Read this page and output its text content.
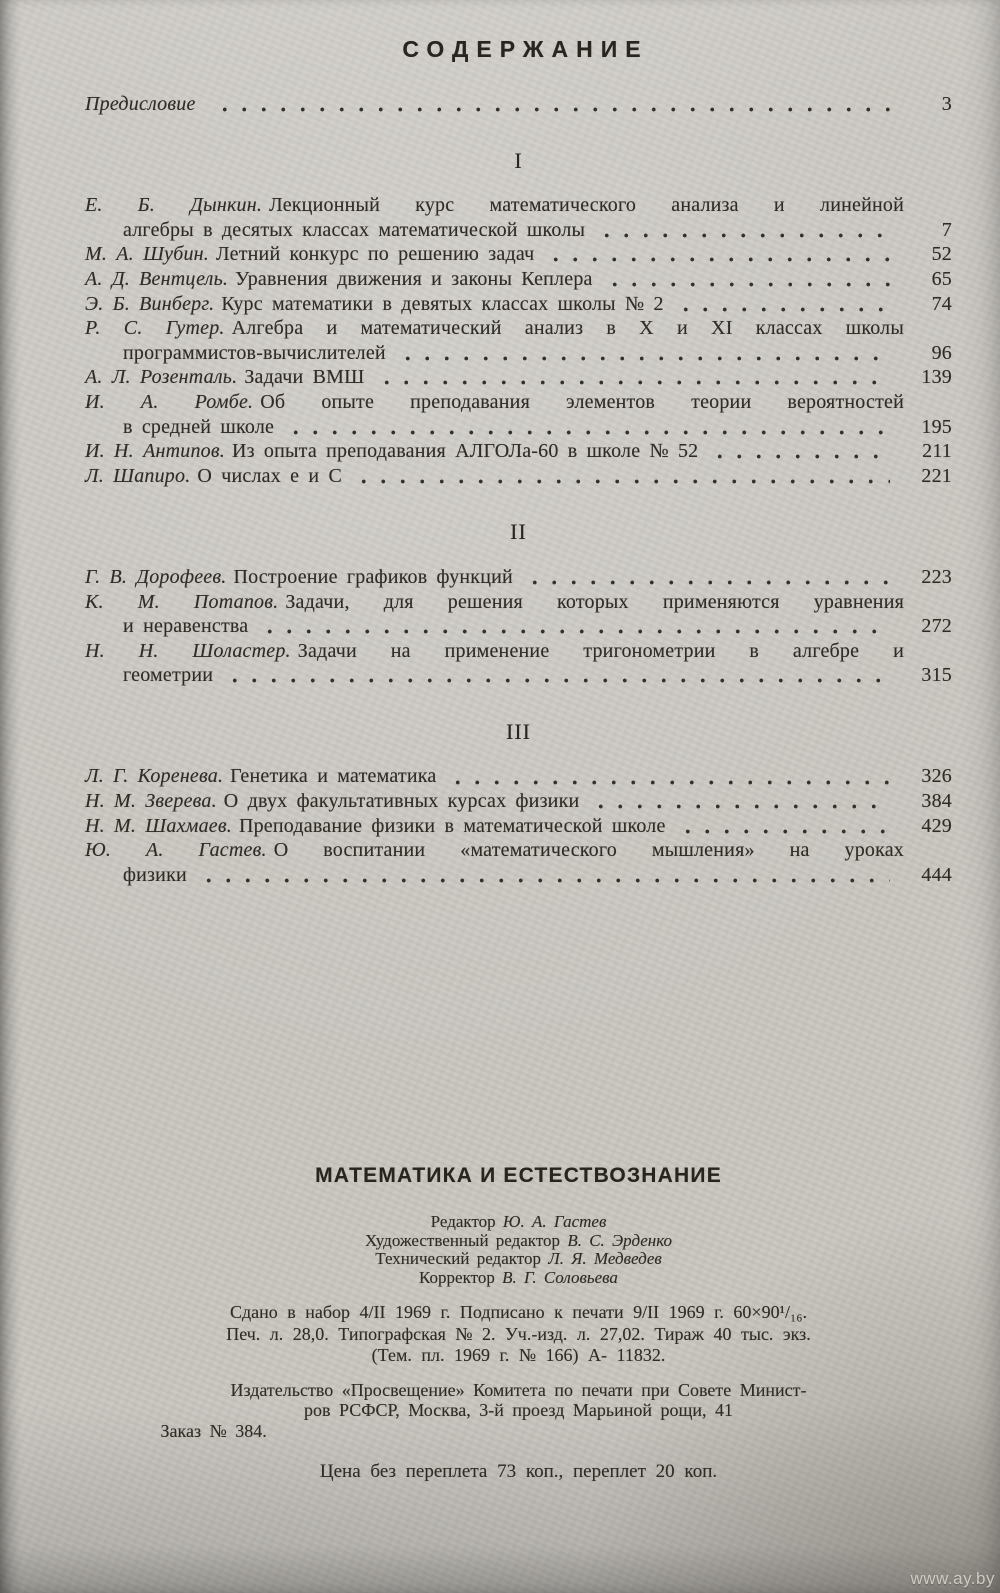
СОДЕРЖАНИЕ
Предисловие	3
I
Е. Б. Дынкин. Лекционный курс математического анализа и линейной
алгебры в десятых классах математической школы	7
М. А. Шубин. Летний конкурс по решению задач	52
А. Д. Вентцель. Уравнения движения и законы Кеплера	65
Э. Б. Винберг. Курс математики в девятых классах школы № 2	74
Р. С. Гутер. Алгебра и математический анализ в X и XI классах школы
программистов-вычислителей	96
А. Л. Розенталь. Задачи ВМШ	139
И. А. Ромбе. Об опыте преподавания элементов теории вероятностей
в средней школе	195
И. Н. Антипов. Из опыта преподавания АЛГОЛа-60 в школе № 52	211
Л. Шапиро. О числах е и С	221
II
Г. В. Дорофеев. Построение графиков функций	223
К. М. Потапов. Задачи, для решения которых применяются уравнения
и неравенства	272
Н. Н. Шоластер. Задачи на применение тригонометрии в алгебре и
геометрии	315
III
Л. Г. Коренева. Генетика и математика	326
Н. М. Зверева. О двух факультативных курсах физики	384
Н. М. Шахмаев. Преподавание физики в математической школе	429
Ю. А. Гастев. О воспитании «математического мышления» на уроках
физики	444
МАТЕМАТИКА И ЕСТЕСТВОЗНАНИЕ
Редактор Ю. А. Гастев
Художественный редактор В. С. Эрденко
Технический редактор Л. Я. Медведев
Корректор В. Г. Соловьева
Сдано в набор 4/II 1969 г. Подписано к печати 9/II 1969 г. 60×90¹/₁₆.
Печ. л. 28,0. Типографская № 2. Уч.-изд. л. 27,02. Тираж 40 тыс. экз.
(Тем. пл. 1969 г. № 166) А- 11832.
Издательство «Просвещение» Комитета по печати при Совете Минист-
ров РСФСР, Москва, 3-й проезд Марьиной рощи, 41
Заказ № 384.
Цена без переплета 73 коп., переплет 20 коп.
www.ay.by
